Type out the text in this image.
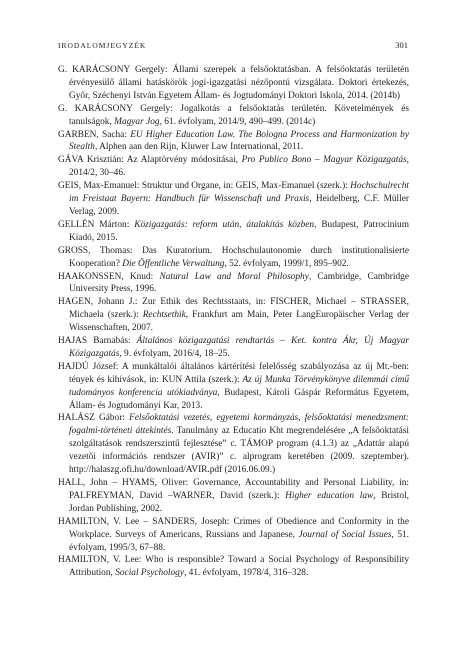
IRODALOMJEGYZÉK	301

G. KARÁCSONY Gergely: Állami szerepek a felsőoktatásban. A felsőoktatás területén érvényesülő állami hatáskörök jogi-igazgatási nézőpontú vizsgálata. Doktori értekezés, Győr, Széchenyi István Egyetem Állam- és Jogtudományi Doktori Iskola, 2014. (2014b)

G. KARÁCSONY Gergely: Jogalkotás a felsőoktatás területén. Követelmények és tanulságok, Magyar Jog, 61. évfolyam, 2014/9, 490–499. (2014c)

GARBEN, Sacha: EU Higher Education Law. The Bologna Process and Harmonization by Stealth, Alphen aan den Rijn, Kluwer Law International, 2011.

GÁVA Krisztián: Az Alaptörvény módosításai, Pro Publico Bono – Magyar Közigazgatás, 2014/2, 30–46.

GEIS, Max-Emanuel: Struktur und Organe, in: GEIS, Max-Emanuel (szerk.): Hochschulrecht im Freistaat Bayern: Handbuch für Wissenschaft und Praxis, Heidelberg, C.F. Müller Verlag, 2009.

GELLÉN Márton: Közigazgatás: reform után, átalakítás közben, Budapest, Patrocinium Kiadó, 2015.

GROSS, Thomas: Das Kuratorium. Hochschulautonomie durch institutionalisierte Kooperation? Die Öffentliche Verwaltung, 52. évfolyam, 1999/1, 895–902.

HAAKONSSEN, Knud: Natural Law and Moral Philosophy, Cambridge, Cambridge University Press, 1996.

HAGEN, Johann J.: Zur Ethik des Rechtsstaats, in: FISCHER, Michael – STRASSER, Michaela (szerk.): Rechtsethik, Frankfurt am Main, Peter LangEuropäischer Verlag der Wissenschaften, 2007.

HAJAS Barnabás: Általános közigazgatási rendtartás – Ket. kontra Ákr, Új Magyar Közigazgatás, 9. évfolyam, 2016/4, 18–25.

HAJDÚ József: A munkáltalói általános kártérítési felelősség szabályozása az új Mt.-ben: tények és kihívások, in: KUN Attila (szerk.): Az új Munka Törvénykönyve dilemmái című tudományos konferencia utókiadványa, Budapest, Károli Gáspár Református Egyetem, Állam- és Jogtudományi Kar, 2013.

HALÁSZ Gábor: Felsőoktatási vezetés, egyetemi kormányzás, felsőoktatási menedzsment: fogalmi-történeti áttekintés. Tanulmány az Educatio Kht megrendelésére „A felsőoktatási szolgáltatások rendszerszintű fejlesztése” c. TÁMOP program (4.1.3) az „Adattár alapú vezetői információs rendszer (AVIR)” c. alprogram keretében (2009. szeptember). http://halaszg.ofi.hu/download/AVIR.pdf (2016.06.09.)

HALL, John – HYAMS, Oliver: Governance, Accountability and Personal Liability, in: PALFREYMAN, David –WARNER, David (szerk.): Higher education law, Bristol, Jordan Publishing, 2002.

HAMILTON, V. Lee – SANDERS, Joseph: Crimes of Obedience and Conformity in the Workplace. Surveys of Americans, Russians and Japanese, Journal of Social Issues, 51. évfolyam, 1995/3, 67–88.

HAMILTON, V. Lee: Who is responsible? Toward a Social Psychology of Responsibility Attribution, Social Psychology, 41. évfolyam, 1978/4, 316–328.
